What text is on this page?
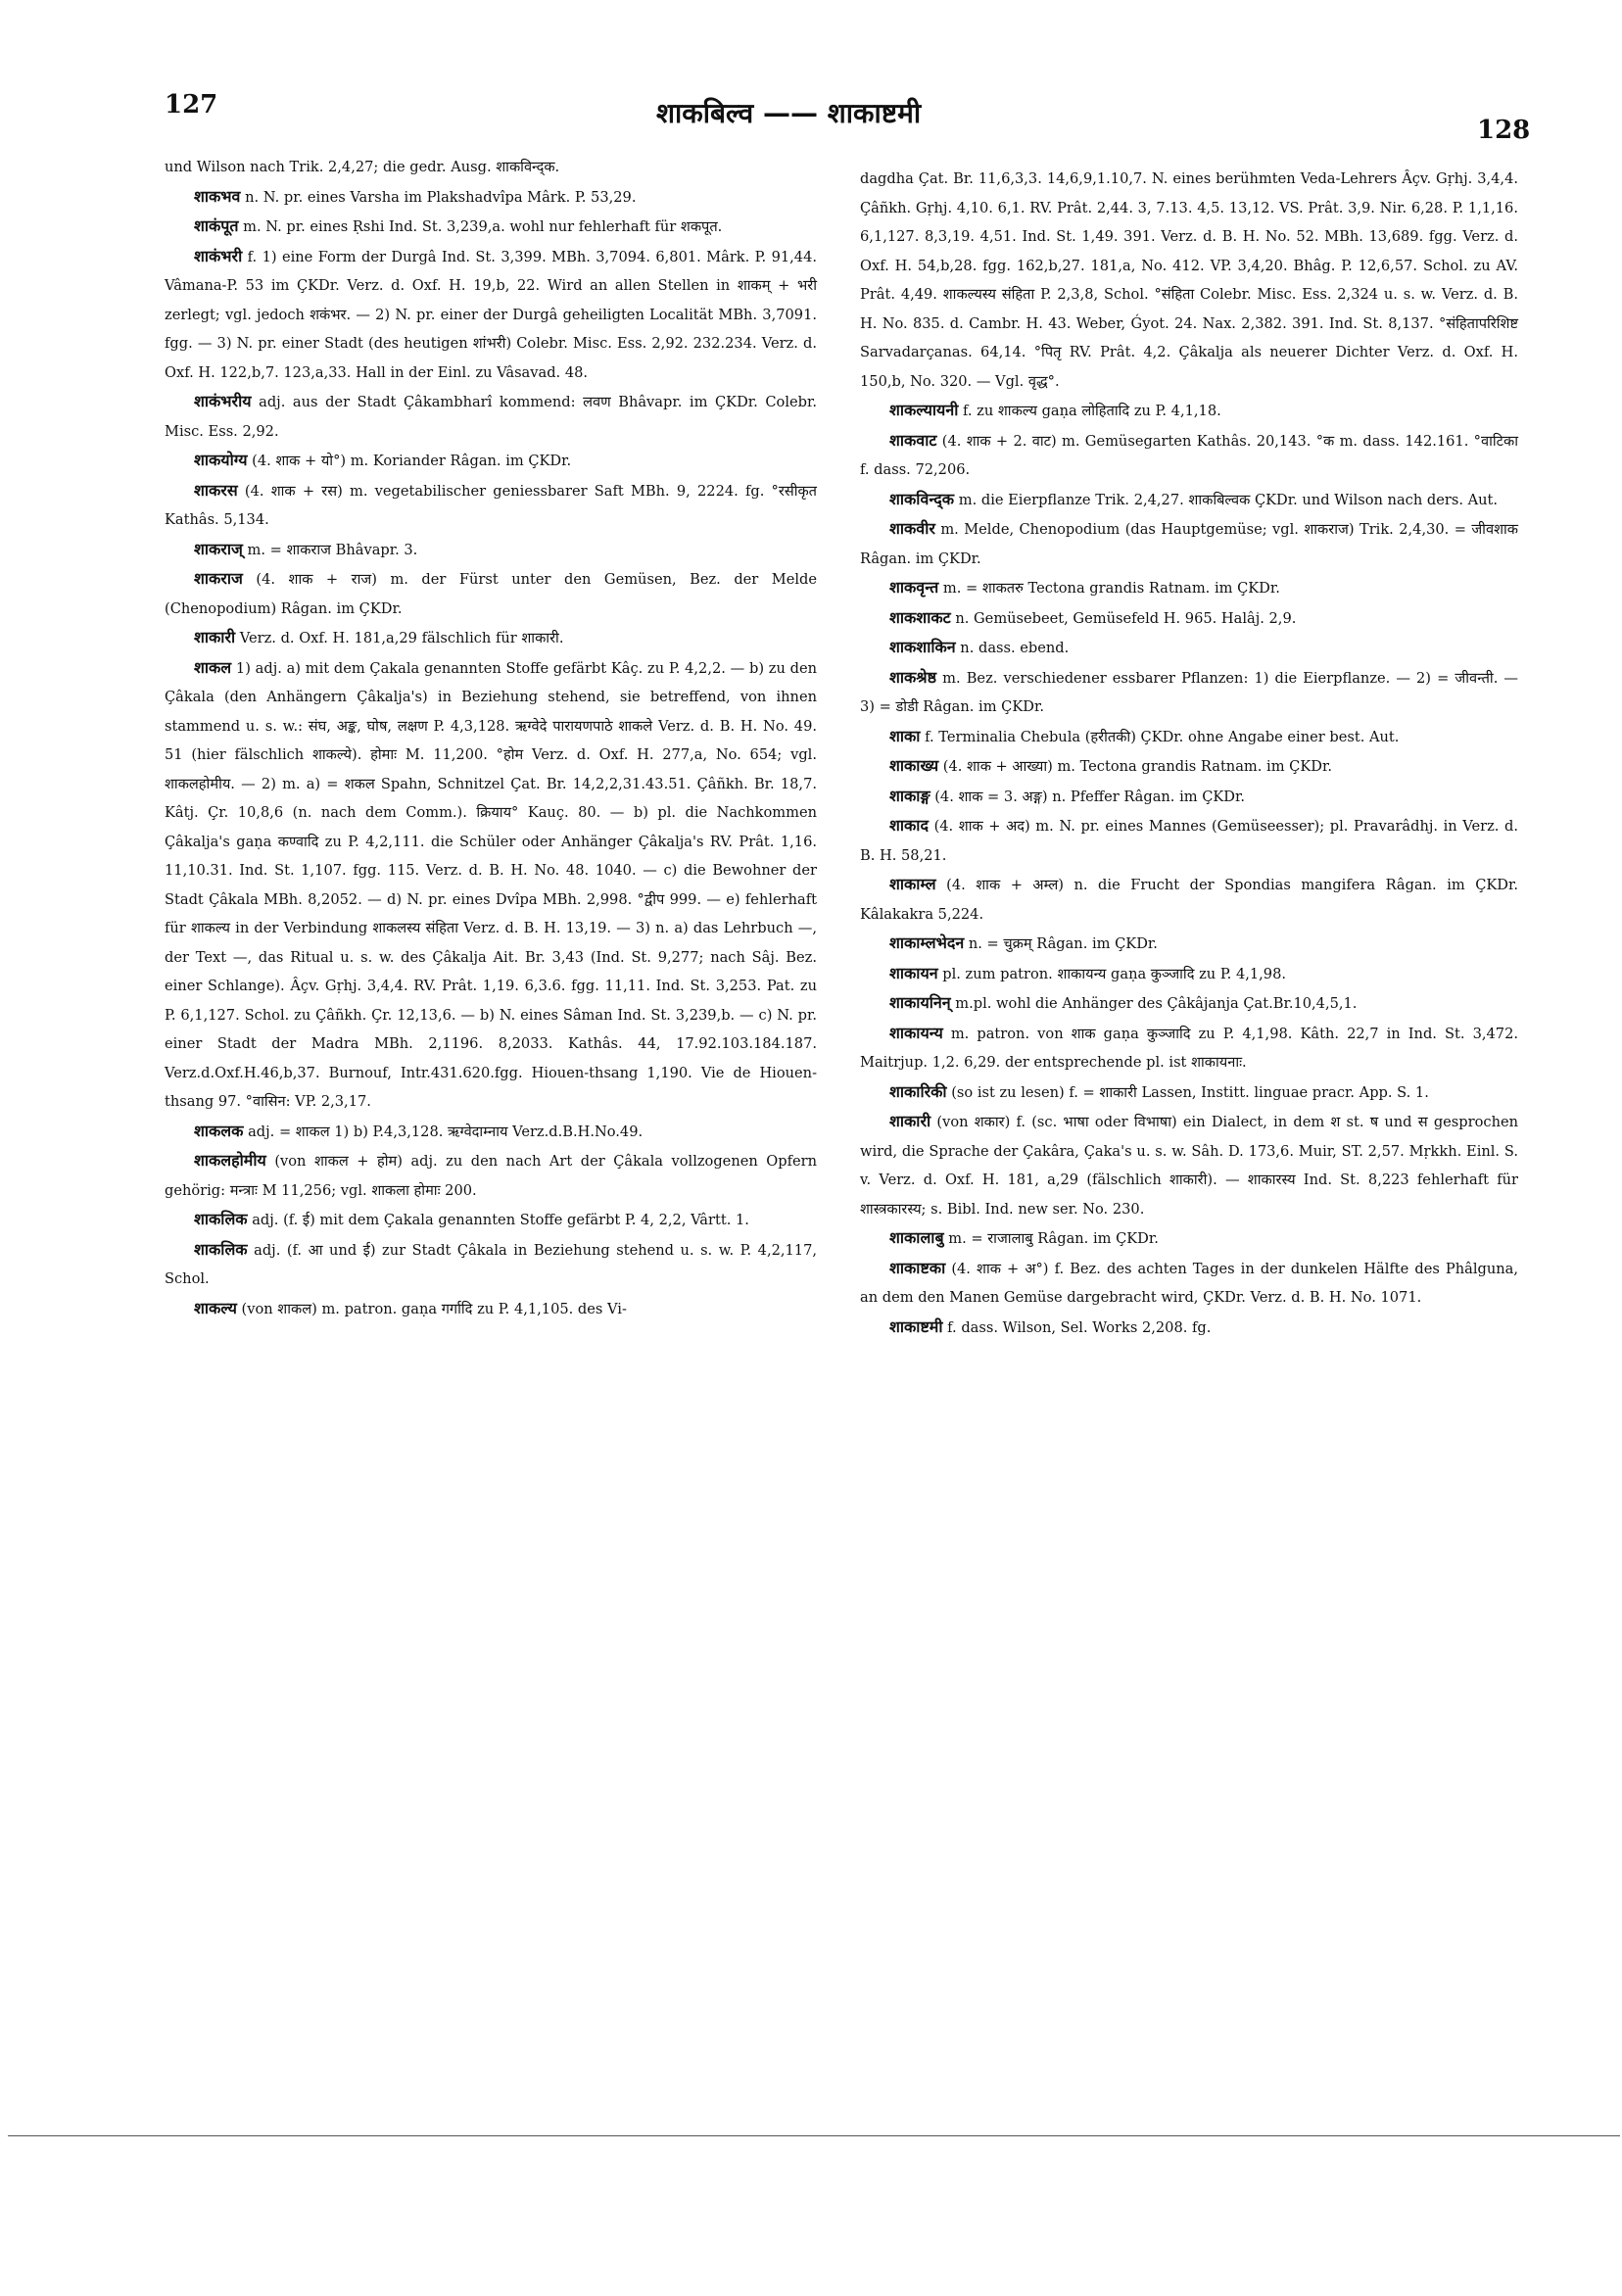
127	शाकबिल्व —— शाकाष्टमी
128

und Wilson nach Trik. 2,4,27; die gedr. Ausg. शाकविन्द्क.

शाकभव n. N. pr. eines Varsha im Plakshadvîpa Mârk. P. 53,29.

शाकंपूत m. N. pr. eines Ṛshi Ind. St. 3,239,a. wohl nur fehlerhaft für शकपूत.

शाकंभरी f. 1) eine Form der Durgâ Ind. St. 3,399. MBh. 3,7094. 6,801. Mârk. P. 91,44. Vâmana-P. 53 im ÇKDr. Verz. d. Oxf. H. 19,b, 22. Wird an allen Stellen in शाकम् + भरी zerlegt; vgl. jedoch शकंभर. — 2) N. pr. einer der Durgâ geheiligten Localität MBh. 3,7091. fgg. — 3) N. pr. einer Stadt (des heutigen शांभरी) Colebr. Misc. Ess. 2,92. 232.234. Verz. d. Oxf. H. 122,b,7. 123,a,33. Hall in der Einl. zu Vâsavad. 48.

शाकंभरीय adj. aus der Stadt Çâkambharî kommend: लवण Bhâvapr. im ÇKDr. Colebr. Misc. Ess. 2,92.

शाकयोग्य (4. शाक + यो°) m. Koriander Râgan. im ÇKDr.

शाकरस (4. शाक + रस) m. vegetabilischer geniessbarer Saft MBh. 9, 2224. fg. °रसीकृत Kathâs. 5,134.

शाकराज् m. = शाकराज Bhâvapr. 3.

शाकराज (4. शाक + राज) m. der Fürst unter den Gemüsen, Bez. der Melde (Chenopodium) Râgan. im ÇKDr.

शाकारी Verz. d. Oxf. H. 181,a,29 fälschlich für शाकारी.

शाकल 1) adj. a) mit dem Çakala genannten Stoffe gefärbt Kâç. zu P. 4,2,2. — b) zu den Çâkala (den Anhängern Çâkalja's) in Beziehung stehend, sie betreffend, von ihnen stammend u. s. w.: संघ, अङ्क, घोष, लक्षण P. 4,3,128. ऋग्वेदे पारायणपाठे शाकले Verz. d. B. H. No. 49. 51 (hier fälschlich शाकल्ये). होमाः M. 11,200. °होम Verz. d. Oxf. H. 277,a, No. 654; vgl. शाकलहोमीय. — 2) m. a) = शकल Spahn, Schnitzel Çat. Br. 14,2,2,31.43.51. Çâñkh. Br. 18,7. Kâtj. Çr. 10,8,6 (n. nach dem Comm.). क्रियाय° Kauç. 80. — b) pl. die Nachkommen Çâkalja's gaṇa कण्वादि zu P. 4,2,111. die Schüler oder Anhänger Çâkalja's RV. Prât. 1,16. 11,10.31. Ind. St. 1,107. fgg. 115. Verz. d. B. H. No. 48. 1040. — c) die Bewohner der Stadt Çâkala MBh. 8,2052. — d) N. pr. eines Dvîpa MBh. 2,998. °द्वीप 999. — e) fehlerhaft für शाकल्य in der Verbindung शाकलस्य संहिता Verz. d. B. H. 13,19. — 3) n. a) das Lehrbuch —, der Text —, das Ritual u. s. w. des Çâkalja Ait. Br. 3,43 (Ind. St. 9,277; nach Sâj. Bez. einer Schlange). Âçv. Gṛhj. 3,4,4. RV. Prât. 1,19. 6,3.6. fgg. 11,11. Ind. St. 3,253. Pat. zu P. 6,1,127. Schol. zu Çâñkh. Çr. 12,13,6. — b) N. eines Sâman Ind. St. 3,239,b. — c) N. pr. einer Stadt der Madra MBh. 2,1196. 8,2033. Kathâs. 44, 17.92.103.184.187. Verz.d.Oxf.H.46,b,37. Burnouf, Intr.431.620.fgg. Hiouen-thsang 1,190. Vie de Hiouen-thsang 97. °वासिन: VP. 2,3,17.

शाकलक adj. = शाकल 1) b) P.4,3,128. ऋग्वेदाम्नाय Verz.d.B.H.No.49.

शाकलहोमीय (von शाकल + होम) adj. zu den nach Art der Çâkala vollzogenen Opfern gehörig: मन्त्राः M 11,256; vgl. शाकला होमाः 200.

शाकलिक adj. (f. ई) mit dem Çakala genannten Stoffe gefärbt P. 4, 2,2, Vârtt. 1.

शाकलिक adj. (f. आ und ई) zur Stadt Çâkala in Beziehung stehend u. s. w. P. 4,2,117, Schol.

शाकल्य (von शाकल) m. patron. gaṇa गर्गादि zu P. 4,1,105. des Vi-

dagdha Çat. Br. 11,6,3,3. 14,6,9,1.10,7. N. eines berühmten Veda-Lehrers Âçv. Gṛhj. 3,4,4. Çâñkh. Gṛhj. 4,10. 6,1. RV. Prât. 2,44. 3, 7.13. 4,5. 13,12. VS. Prât. 3,9. Nir. 6,28. P. 1,1,16. 6,1,127. 8,3,19. 4,51. Ind. St. 1,49. 391. Verz. d. B. H. No. 52. MBh. 13,689. fgg. Verz. d. Oxf. H. 54,b,28. fgg. 162,b,27. 181,a, No. 412. VP. 3,4,20. Bhâg. P. 12,6,57. Schol. zu AV. Prât. 4,49. शाकल्यस्य संहिता P. 2,3,8, Schol. °संहिता Colebr. Misc. Ess. 2,324 u. s. w. Verz. d. B. H. No. 835. d. Cambr. H. 43. Weber, Ǵyot. 24. Nax. 2,382. 391. Ind. St. 8,137. °संहितापरिशिष्ट Sarvadarçanas. 64,14. °पितृ RV. Prât. 4,2. Çâkalja als neuerer Dichter Verz. d. Oxf. H. 150,b, No. 320. — Vgl. वृद्ध°.

शाकल्यायनी f. zu शाकल्य gaṇa लोहितादि zu P. 4,1,18.

शाकवाट (4. शाक + 2. वाट) m. Gemüsegarten Kathâs. 20,143. °क m. dass. 142.161. °वाटिका f. dass. 72,206.

शाकविन्द्क m. die Eierpflanze Trik. 2,4,27. शाकबिल्वक ÇKDr. und Wilson nach ders. Aut.

शाकवीर m. Melde, Chenopodium (das Hauptgemüse; vgl. शाकराज) Trik. 2,4,30. = जीवशाक Râgan. im ÇKDr.

शाकवृन्त m. = शाकतरु Tectona grandis Ratnam. im ÇKDr.

शाकशाकट n. Gemüsebeet, Gemüsefeld H. 965. Halâj. 2,9.

शाकशाकिन n. dass. ebend.

शाकश्रेष्ठ m. Bez. verschiedener essbarer Pflanzen: 1) die Eierpflanze. — 2) = जीवन्ती. — 3) = डोडी Râgan. im ÇKDr.

शाका f. Terminalia Chebula (हरीतकी) ÇKDr. ohne Angabe einer best. Aut.

शाकाख्य (4. शाक + आख्या) m. Tectona grandis Ratnam. im ÇKDr.

शाकाङ्ग (4. शाक = 3. अङ्ग) n. Pfeffer Râgan. im ÇKDr.

शाकाद (4. शाक + अद) m. N. pr. eines Mannes (Gemüseesser); pl. Pravarâdhj. in Verz. d. B. H. 58,21.

शाकाम्ल (4. शाक + अम्ल) n. die Frucht der Spondias mangifera Râgan. im ÇKDr. Kâlakakra 5,224.

शाकाम्लभेदन n. = चुक्रम् Râgan. im ÇKDr.

शाकायन pl. zum patron. शाकायन्य gaṇa कुञ्जादि zu P. 4,1,98.

शाकायनिन् m.pl. wohl die Anhänger des Çâkâjanja Çat.Br.10,4,5,1.

शाकायन्य m. patron. von शाक gaṇa कुञ्जादि zu P. 4,1,98. Kâth. 22,7 in Ind. St. 3,472. Maitrjup. 1,2. 6,29. der entsprechende pl. ist शाकायनाः.

शाकारिकी (so ist zu lesen) f. = शाकारी Lassen, Institt. linguae pracr. App. S. 1.

शाकारी (von शकार) f. (sc. भाषा oder विभाषा) ein Dialect, in dem श st. ष und स gesprochen wird, die Sprache der Çakâra, Çaka's u. s. w. Sâh. D. 173,6. Muir, ST. 2,57. Mṛkkh. Einl. S. v. Verz. d. Oxf. H. 181, a,29 (fälschlich शाकारी). — शाकारस्य Ind. St. 8,223 fehlerhaft für शास्त्रकारस्य; s. Bibl. Ind. new ser. No. 230.

शाकालाबु m. = राजालाबु Râgan. im ÇKDr.

शाकाष्टका (4. शाक + अ°) f. Bez. des achten Tages in der dunkelen Hälfte des Phâlguna, an dem den Manen Gemüse dargebracht wird, ÇKDr. Verz. d. B. H. No. 1071.

शाकाष्टमी f. dass. Wilson, Sel. Works 2,208. fg.
